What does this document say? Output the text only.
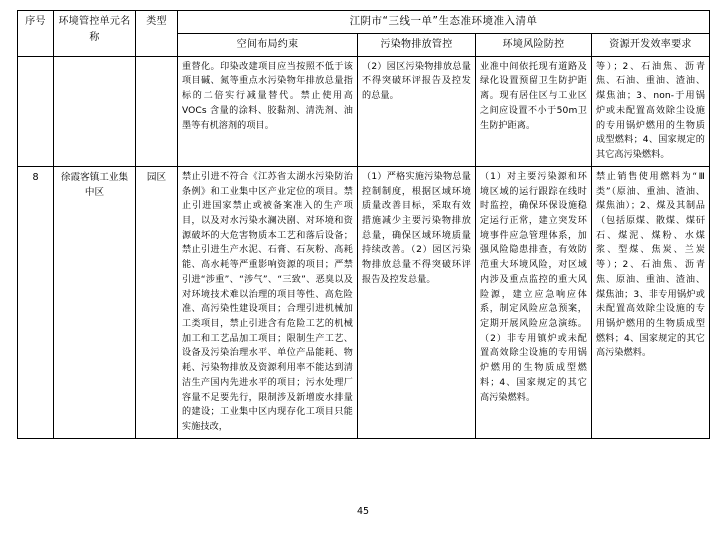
序号	环境管控单元名称	类型	江阴市“三线一单”生态准环境准入清单			
			空间布局约束	污染物排放管控	环境风险防控	资源开发效率要求
			重替化。印染改建项目应当按照不低于该项目碱、氮等重点水污染物年排放总量指标的二倍实行减量替代。禁止使用高 VOCs 含量的涂料、胶黏剂、清洗剂、油墨等有机溶剂的项目。	（2）园区污染物排放总量不得突破环评报告及控发的总量。	业准中间依托现有道路及绿化设置预留卫生防护距离。现有居住区与工业区之间应设置不小于50m卫生防护距离。	等）；2、石油焦、沥青焦、石油、重油、渣油、煤焦油；3、non-于用锅炉或未配置高效除尘设施的专用锅炉燃用的生物质成型燃料；4、国家规定的其它高污染燃料。
8	徐霞客镇工业集中区	园区	禁止引进不符合《江苏省太湖水污染防治条例》和工业集中区产业定位的项目。禁止引进国家禁止或被备案准入的生产项目，以及对水污染水澜决剧、对环境和资源破坏的大危害物质本工艺和落后设备；禁止引进生产水泥、石膏、石灰粉、高耗能、高水耗等严重影响资源的项目；严禁引进“涉重”、“涉气”、“三致”、恶臭以及对环境技术难以治理的项目等性、高危险准、高污染性建设项目；合理引进机械加工类项目，禁止引进含有危险工艺的机械加工和工艺品加工项目；限制生产工艺、设备及污染治理水平、单位产品能耗、物耗、污染物排放及资源利用率不能达到清洁生产国内先进水平的项目；污水处理厂容量不足要先行，限制涉及新增废水排量的建设；工业集中区内现存化工项目只能实施技改，	（1）严格实施污染物总量控制制度，根据区域环境质量改善目标，采取有效措施减少主要污染物排放总量，确保区域环境质量持续改善。（2）园区污染物排放总量不得突破环评报告及控发总量。	（1）对主要污染源和环境区域的运行跟踪在线时时监控，确保环保设施稳定运行正常，建立突发环境事件应急管理体系，加强风险隐患排查，有效防范重大环境风险，对区域内涉及重点监控的重大风险源，建立应急响应体系，制定风险应急预案，定期开展风险应急演练。（2）非专用镇炉或未配置高效除尘设施的专用锅炉燃用的生物质成型燃料；4、国家规定的其它高污染燃料。	禁止销售使用燃料为“Ⅲ类”（原油、重油、渣油、煤焦油）；2、煤及其制品（包括原煤、散煤、煤矸石、煤泥、煤粉、水煤浆、型煤、焦炭、兰炭等）；2、石油焦、沥青焦、原油、重油、渣油、煤焦油；3、非专用锅炉或未配置高效除尘设施的专用锅炉燃用的生物质成型燃料；4、国家规定的其它高污染燃料。
45
